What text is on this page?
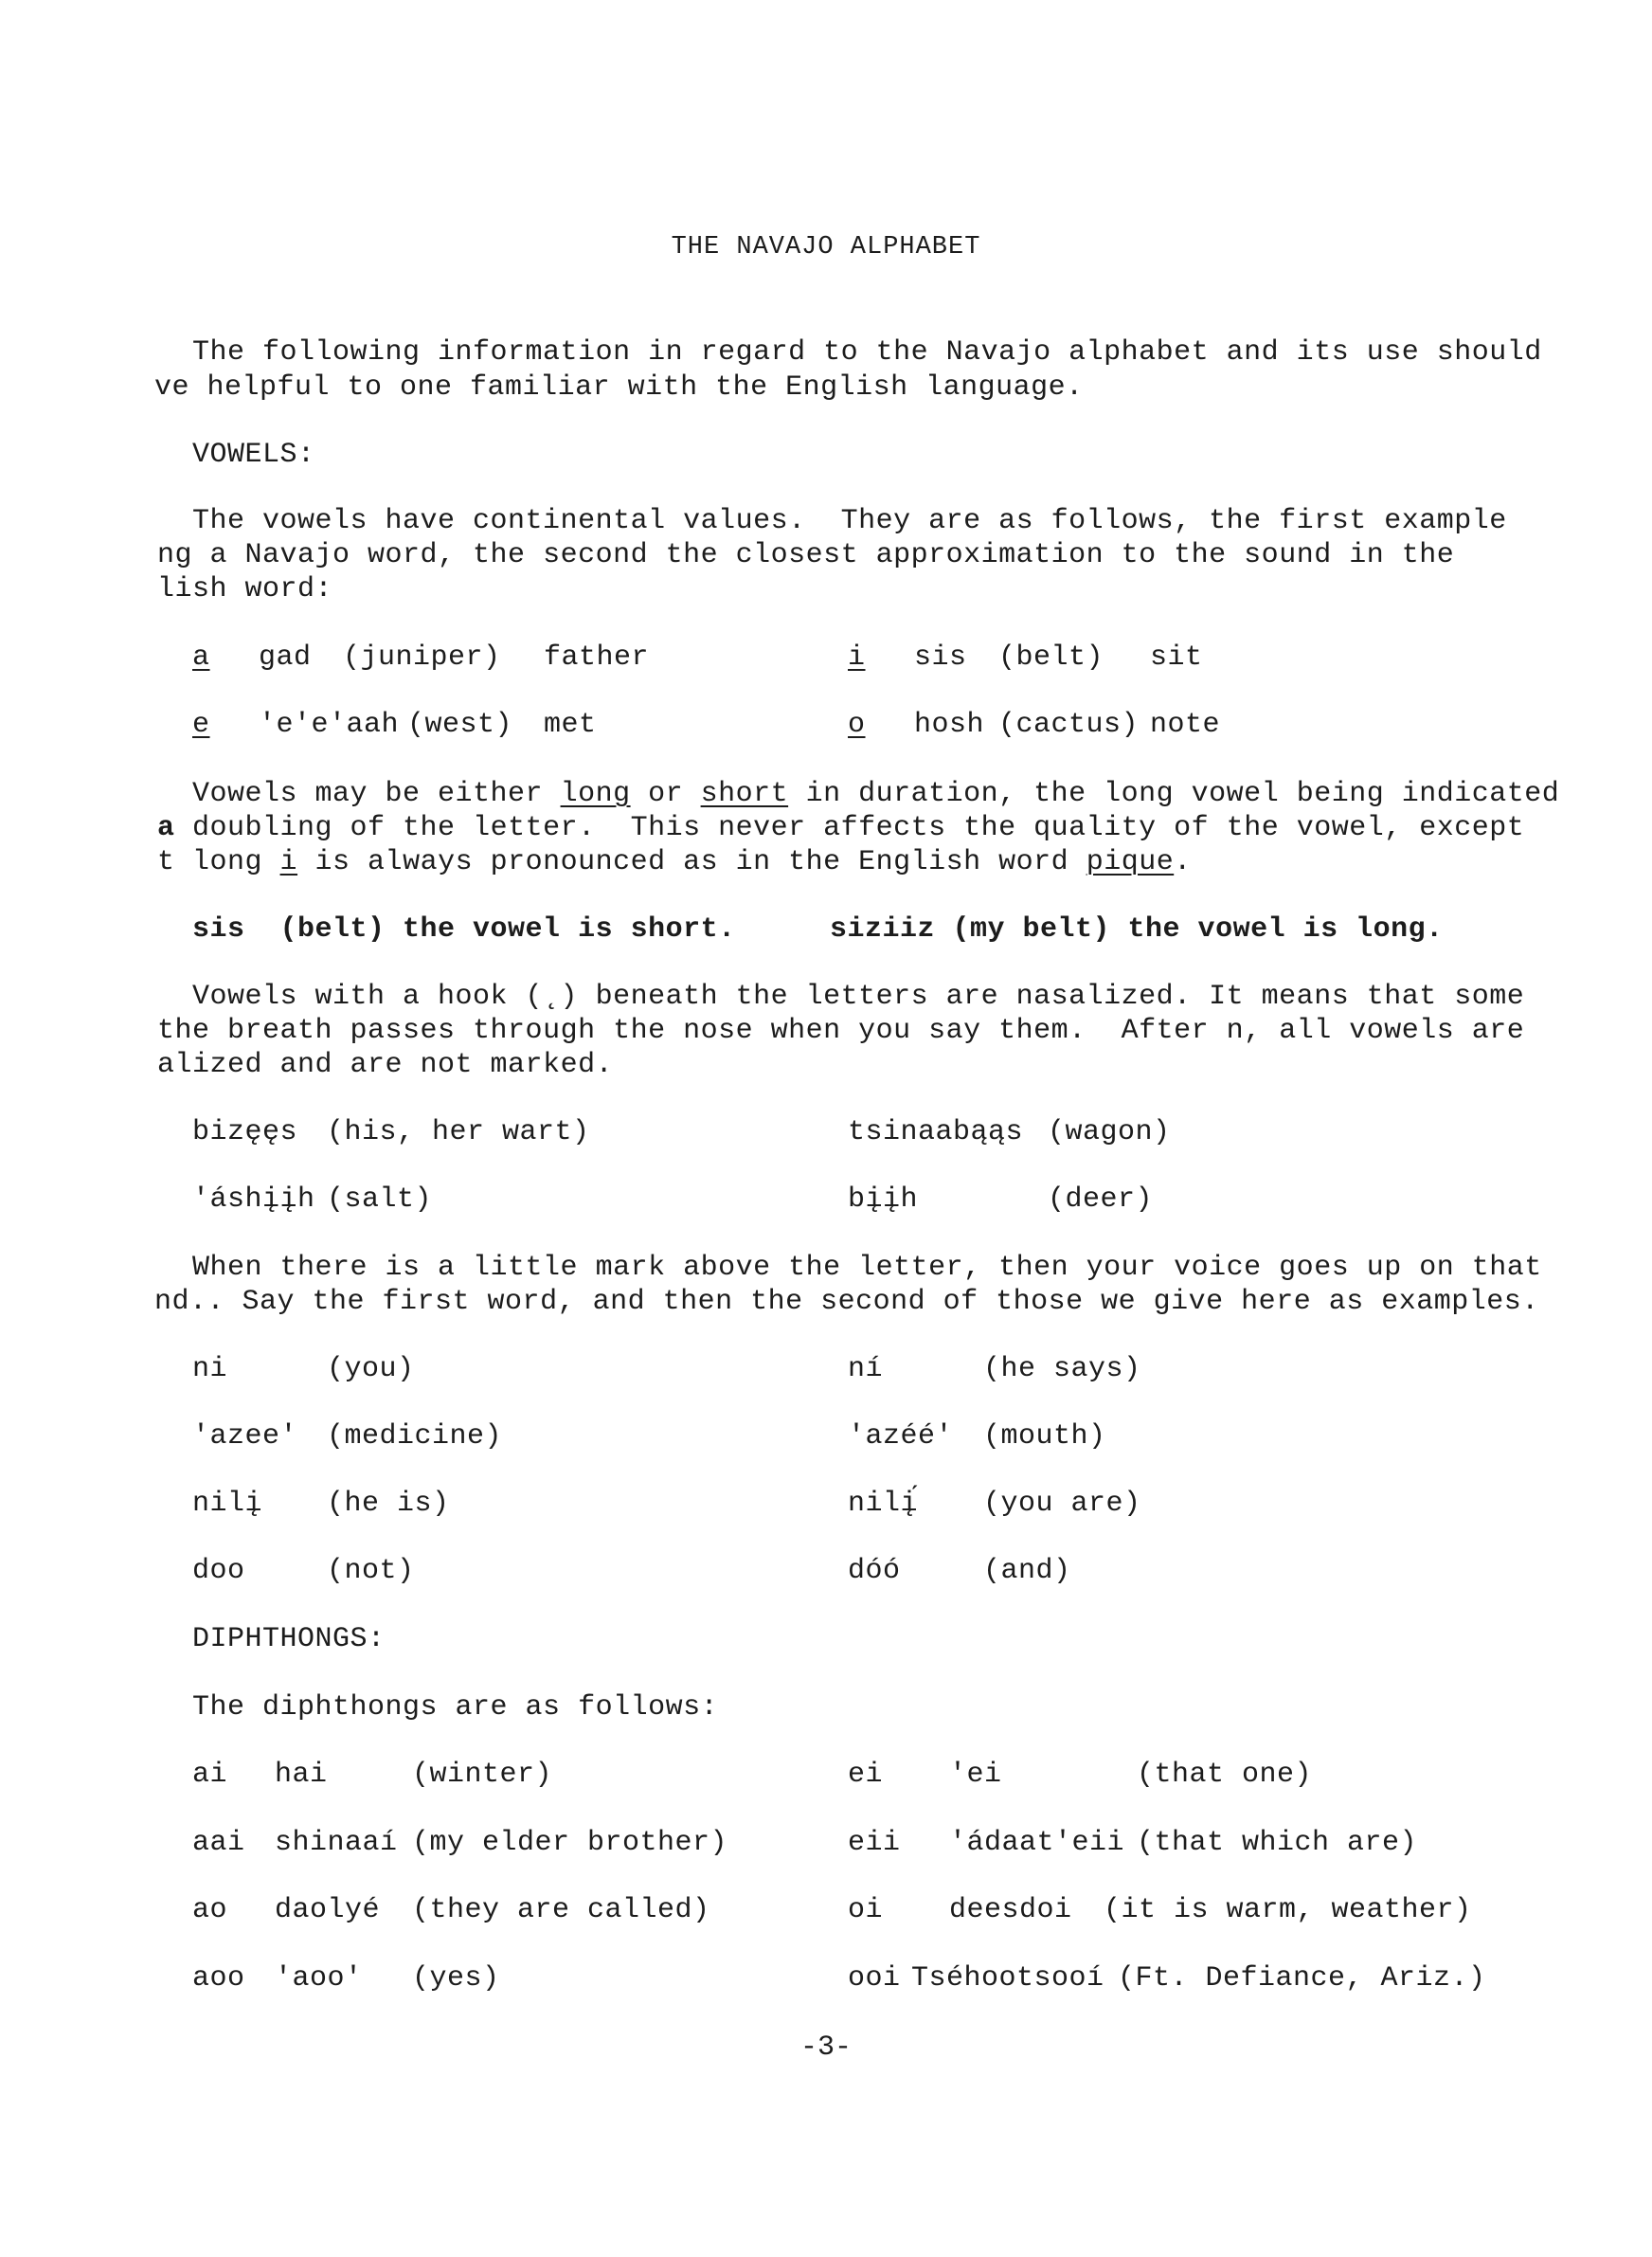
THE NAVAJO ALPHABET
The following information in regard to the Navajo alphabet and its use should
ve helpful to one familiar with the English language.
VOWELS:
The vowels have continental values.  They are as follows, the first example
ng a Navajo word, the second the closest approximation to the sound in the
lish word:
a gad (juniper) father	i sis (belt) sit
e 'e'e'aah (west) met	o hosh (cactus) note
Vowels may be either long or short in duration, the long vowel being indicated
a doubling of the letter.  This never affects the quality of the vowel, except
t long i is always pronounced as in the English word pique.
sis  (belt) the vowel is short.	siziiz (my belt) the vowel is long.
Vowels with a hook (˛) beneath the letters are nasalized. It means that some
the breath passes through the nose when you say them.  After n, all vowels are
alized and are not marked.
bizęęs (his, her wart)	tsinaabąąs (wagon)
'áshįįh (salt)	bįįh	(deer)
When there is a little mark above the letter, then your voice goes up on that
nd.. Say the first word, and then the second of those we give here as examples.
ni	(you)	ní	(he says)
'azee' (medicine)	'azéé' (mouth)
nilį (he is)	nilį́ (you are)
doo	(not)	dóó	(and)
DIPHTHONGS:
The diphthongs are as follows:
ai hai	(winter)	ei 'ei	(that one)
aai shinaaí (my elder brother)	eii 'ádaat'eii (that which are)
ao daolyé (they are called)	oi deesdoi (it is warm, weather)
aoo 'aoo' (yes)	ooi Tséhootsooí (Ft. Defiance, Ariz.)
-3-
